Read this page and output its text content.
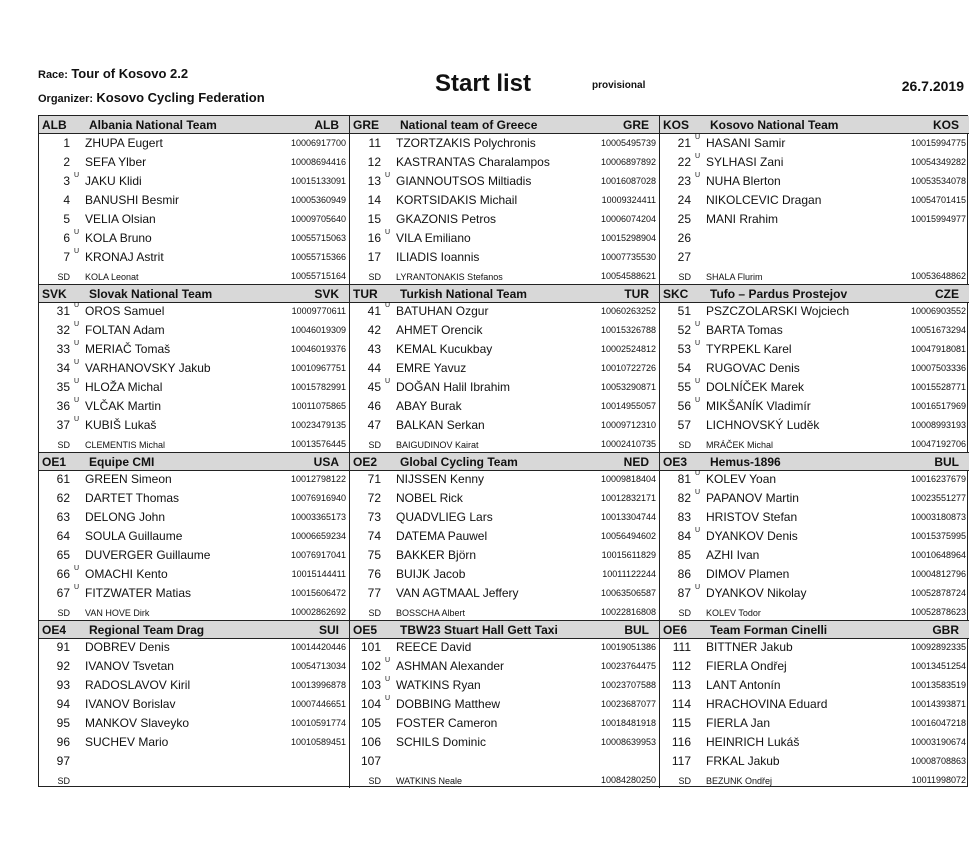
Race: Tour of Kosovo 2.2
Organizer: Kosovo Cycling Federation
Start list	provisional	26.7.2019
ALB Albania National Team	ALB
1 ZHUPA Eugert	10006917700
2 SEFA Ylber	10008694416
3 U JAKU Klidi	10015133091
4 BANUSHI Besmir	10005360949
5 VELIA Olsian	10009705640
6 U KOLA Bruno	10055715063
7 U KRONAJ Astrit	10055715366
SD KOLA Leonat	10055715164
GRE National team of Greece	GRE
11 TZORTZAKIS Polychronis	10005495739
12 KASTRANTAS Charalampos	10006897892
13 U GIANNOUTSOS Miltiadis	10016087028
14 KORTSIDAKIS Michail	10009324411
15 GKAZONIS Petros	10006074204
16 U VILA Emiliano	10015298904
17 ILIADIS Ioannis	10007735530
SD LYRANTONAKIS Stefanos	10054588621
KOS Kosovo National Team	KOS
21 U HASANI Samir	10015994775
22 U SYLHASI Zani	10054349282
23 U NUHA Blerton	10053534078
24 NIKOLCEVIC Dragan	10054701415
25 MANI Rrahim	10015994977
26
27
SD SHALA Flurim	10053648862
SVK Slovak National Team	SVK
31 U OROS Samuel	10009770611
32 U FOLTAN Adam	10046019309
33 U MERIAČ Tomaš	10046019376
34 U VARHANOVSKY Jakub	10010967751
35 U HLOŽA Michal	10015782991
36 U VLČAK Martin	10011075865
37 U KUBIŠ Lukaš	10023479135
SD CLEMENTIS Michal	10013576445
TUR Turkish National Team	TUR
41 U BATUHAN Ozgur	10060263252
42 AHMET Orencik	10015326788
43 KEMAL Kucukbay	10002524812
44 EMRE Yavuz	10010722726
45 U DOĞAN Halil Ibrahim	10053290871
46 ABAY Burak	10014955057
47 BALKAN Serkan	10009712310
SD BAIGUDINOV Kairat	10002410735
SKC Tufo – Pardus Prostejov	CZE
51 PSZCZOLARSKI Wojciech	10006903552
52 U BARTA Tomas	10051673294
53 U TYRPEKL Karel	10047918081
54 RUGOVAC Denis	10007503336
55 U DOLNÍČEK Marek	10015528771
56 U MIKŠANÍK Vladimír	10016517969
57 LICHNOVSKÝ Luděk	10008993193
SD MRÁČEK Michal	10047192706
OE1 Equipe CMI	USA
61 GREEN Simeon	10012798122
62 DARTET Thomas	10076916940
63 DELONG John	10003365173
64 SOULA Guillaume	10006659234
65 DUVERGER Guillaume	10076917041
66 U OMACHI Kento	10015144411
67 U FITZWATER Matias	10015606472
SD VAN HOVE Dirk	10002862692
OE2 Global Cycling Team	NED
71 NIJSSEN Kenny	10009818404
72 NOBEL Rick	10012832171
73 QUADVLIEG Lars	10013304744
74 DATEMA Pauwel	10056494602
75 BAKKER Björn	10015611829
76 BUIJK Jacob	10011122244
77 VAN AGTMAAL Jeffery	10063506587
SD BOSSCHA Albert	10022816808
OE3 Hemus-1896	BUL
81 U KOLEV Yoan	10016237679
82 U PAPANOV Martin	10023551277
83 HRISTOV Stefan	10003180873
84 U DYANKOV Denis	10015375995
85 AZHI Ivan	10010648964
86 DIMOV Plamen	10004812796
87 U DYANKOV Nikolay	10052878724
SD KOLEV Todor	10052878623
OE4 Regional Team Drag	SUI
91 DOBREV Denis	10014420446
92 IVANOV Tsvetan	10054713034
93 RADOSLAVOV Kiril	10013996878
94 IVANOV Borislav	10007446651
95 MANKOV Slaveyko	10010591774
96 SUCHEV Mario	10010589451
97
SD
OE5 TBW23 Stuart Hall Gett Taxi	BUL
101 REECE David	10019051386
102 U ASHMAN Alexander	10023764475
103 U WATKINS Ryan	10023707588
104 U DOBBING Matthew	10023687077
105 FOSTER Cameron	10018481918
106 SCHILS Dominic	10008639953
107
SD WATKINS Neale	10084280250
OE6 Team Forman Cinelli	GBR
111 BITTNER Jakub	10092892335
112 FIERLA Ondřej	10013451254
113 LANT Antonín	10013583519
114 HRACHOVINA Eduard	10014393871
115 FIERLA Jan	10016047218
116 HEINRICH Lukáš	10003190674
117 FRKAL Jakub	10008708863
SD BEZUNK Ondřej	10011998072
